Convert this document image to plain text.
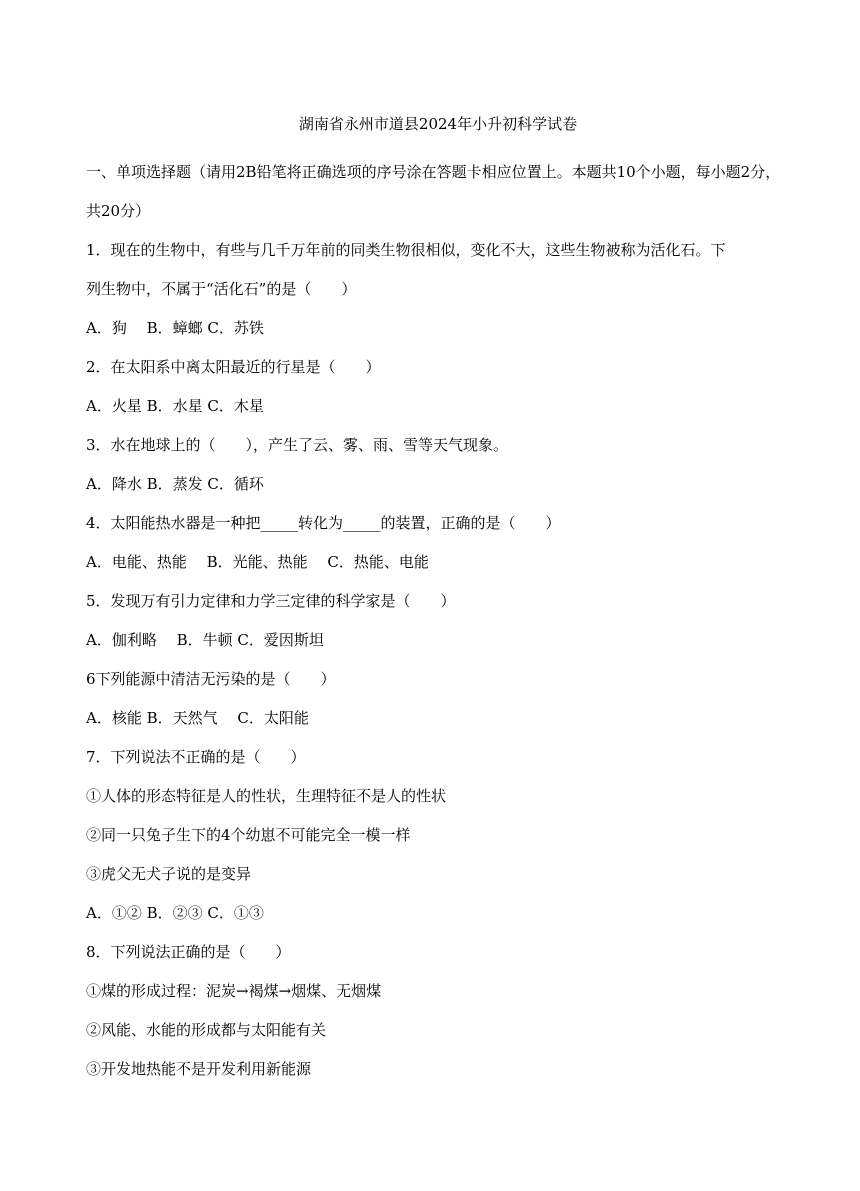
湖南省永州市道县2024年小升初科学试卷

一、单项选择题（请用2B铅笔将正确选项的序号涂在答题卡相应位置上。本题共10个小题，每小题2分，共20分）

1．现在的生物中，有些与几千万年前的同类生物很相似，变化不大，这些生物被称为活化石。下

列生物中，不属于“活化石”的是（　　）

A．狗　 B．蟑螂 C．苏铁

2．在太阳系中离太阳最近的行星是（　　）

A．火星 B．水星 C．木星

3．水在地球上的（　　），产生了云、雾、雨、雪等天气现象。

A．降水 B．蒸发 C．循环

4．太阳能热水器是一种把_____转化为_____的装置，正确的是（　　）

A．电能、热能　 B．光能、热能　 C．热能、电能

5．发现万有引力定律和力学三定律的科学家是（　　）

A．伽利略　 B．牛顿 C．爱因斯坦

6下列能源中清洁无污染的是（　　）

A．核能 B．天然气　 C．太阳能

7．下列说法不正确的是（　　）

①人体的形态特征是人的性状，生理特征不是人的性状

②同一只兔子生下的4个幼崽不可能完全一模一样

③虎父无犬子说的是变异

A．①② B．②③ C．①③

8．下列说法正确的是（　　）

①煤的形成过程：泥炭→褐煤→烟煤、无烟煤

②风能、水能的形成都与太阳能有关

③开发地热能不是开发利用新能源
